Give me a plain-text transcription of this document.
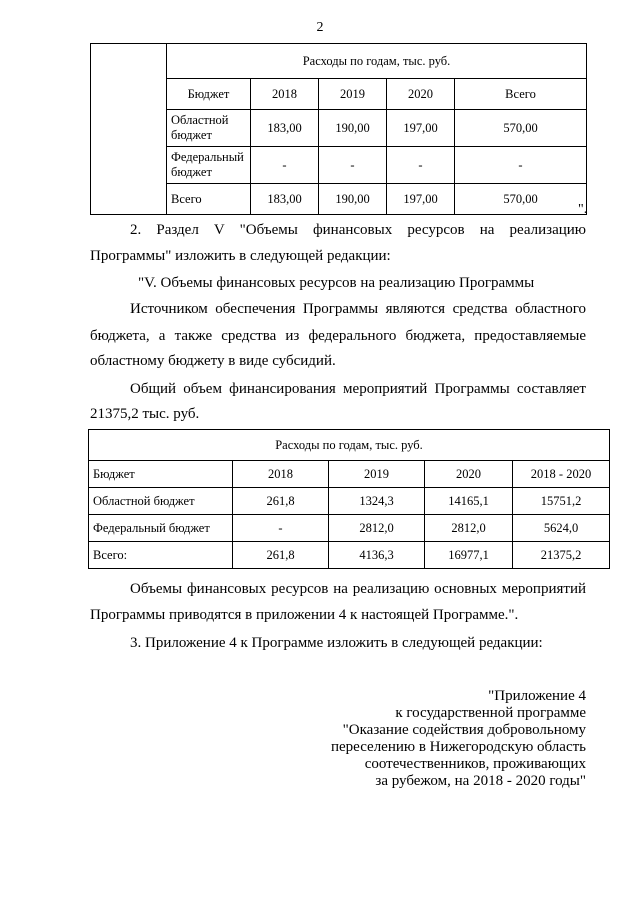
2
	Расходы по годам, тыс. руб.				
	Бюджет	2018	2019	2020	Всего
	Областной бюджет	183,00	190,00	197,00	570,00
	Федеральный бюджет	-	-	-	-
	Всего	183,00	190,00	197,00	570,00
".
2. Раздел V "Объемы финансовых ресурсов на реализацию
Программы" изложить в следующей редакции:
"V. Объемы финансовых ресурсов на реализацию Программы
Источником обеспечения Программы являются средства областного
бюджета, а также средства из федерального бюджета, предоставляемые
областному бюджету в виде субсидий.
Общий объем финансирования мероприятий Программы составляет
21375,2 тыс. руб.
Расходы по годам, тыс. руб.				
Бюджет	2018	2019	2020	2018 - 2020
Областной бюджет	261,8	1324,3	14165,1	15751,2
Федеральный бюджет	-	2812,0	2812,0	5624,0
Всего:	261,8	4136,3	16977,1	21375,2
Объемы финансовых ресурсов на реализацию основных мероприятий
Программы приводятся в приложении 4 к настоящей Программе.".
3. Приложение 4 к Программе изложить в следующей редакции:
"Приложение 4
к государственной программе
"Оказание содействия добровольному
переселению в Нижегородскую область
соотечественников, проживающих
за рубежом, на 2018 - 2020 годы"
